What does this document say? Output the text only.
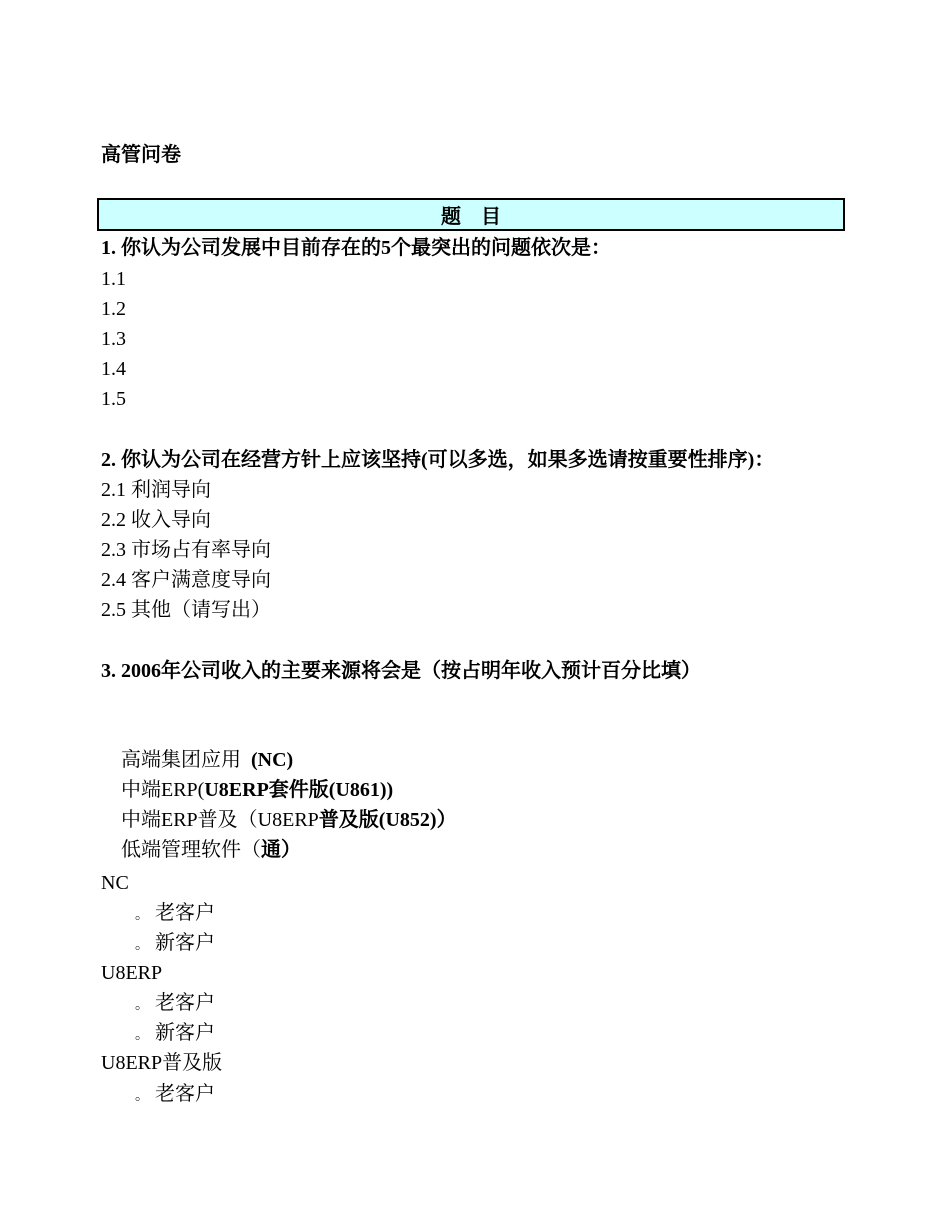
高管问卷
题    目
1. 你认为公司发展中目前存在的5个最突出的问题依次是：
1.1
1.2
1.3
1.4
1.5
2. 你认为公司在经营方针上应该坚持(可以多选，如果多选请按重要性排序)：
2.1 利润导向
2.2 收入导向
2.3 市场占有率导向
2.4 客户满意度导向
2.5 其他（请写出）
3. 2006年公司收入的主要来源将会是（按占明年收入预计百分比填）

高端集团应用  (NC)

中端ERP(U8ERP套件版(U861))

中端ERP普及（U8ERP普及版(U852)）

低端管理软件（通）

NC
。 老客户
。 新客户
U8ERP
。 老客户
。 新客户
U8ERP普及版
。 老客户
